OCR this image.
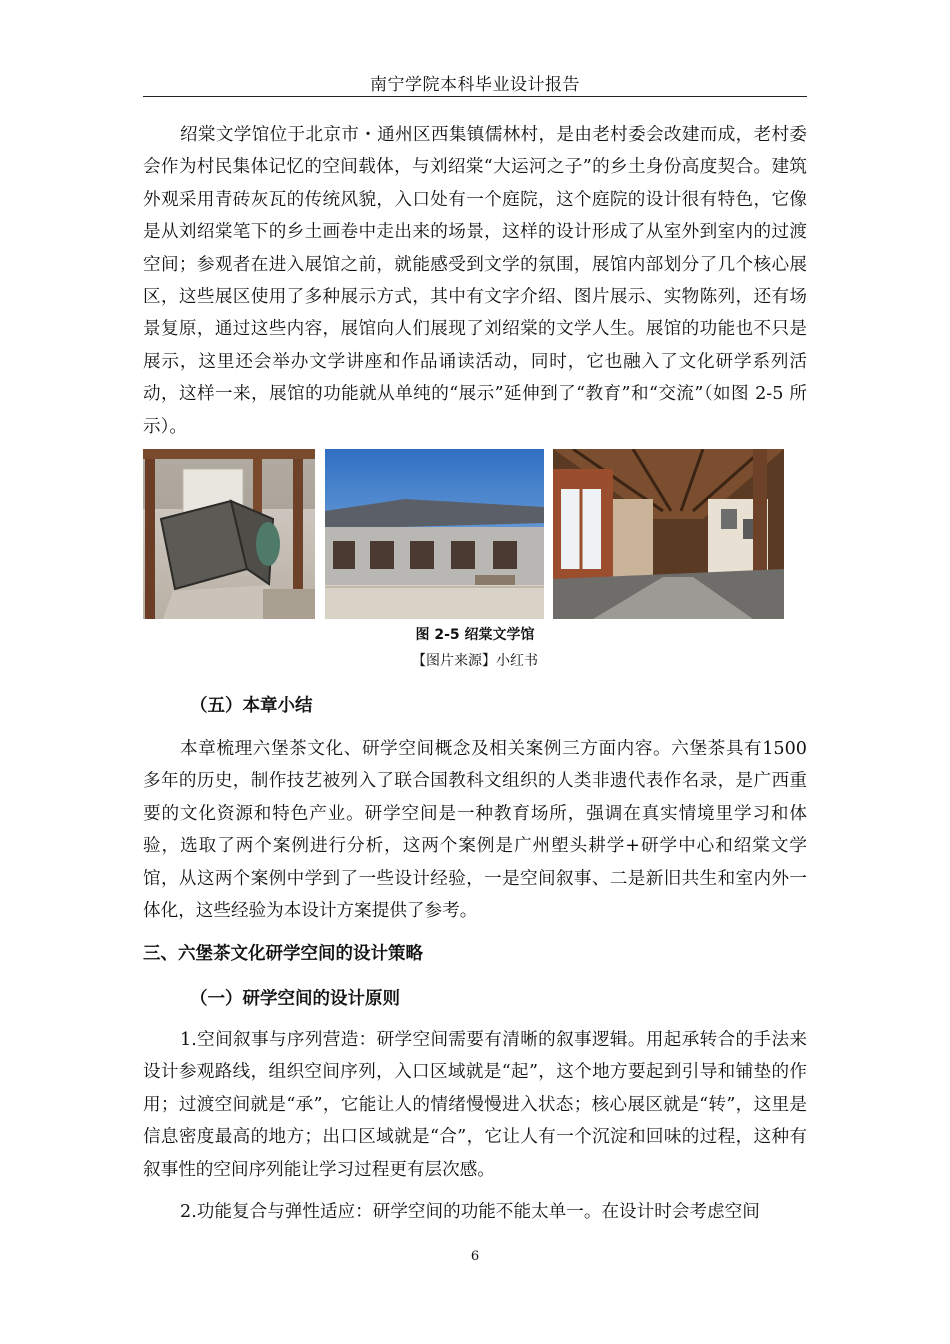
南宁学院本科毕业设计报告

绍棠文学馆位于北京市・通州区西集镇儒林村，是由老村委会改建而成，老村委会作为村民集体记忆的空间载体，与刘绍棠“大运河之子”的乡土身份高度契合。建筑外观采用青砖灰瓦的传统风貌，入口处有一个庭院，这个庭院的设计很有特色，它像是从刘绍棠笔下的乡土画卷中走出来的场景，这样的设计形成了从室外到室内的过渡空间；参观者在进入展馆之前，就能感受到文学的氛围，展馆内部划分了几个核心展区，这些展区使用了多种展示方式，其中有文字介绍、图片展示、实物陈列，还有场景复原，通过这些内容，展馆向人们展现了刘绍棠的文学人生。展馆的功能也不只是展示，这里还会举办文学讲座和作品诵读活动，同时，它也融入了文化研学系列活动，这样一来，展馆的功能就从单纯的“展示”延伸到了“教育”和“交流”（如图 2-5 所示）。

图 2-5 绍棠文学馆

【图片来源】小红书

（五）本章小结

本章梳理六堡茶文化、研学空间概念及相关案例三方面内容。六堡茶具有1500 多年的历史，制作技艺被列入了联合国教科文组织的人类非遗代表作名录，是广西重要的文化资源和特色产业。研学空间是一种教育场所，强调在真实情境里学习和体验，选取了两个案例进行分析，这两个案例是广州塱头耕学+研学中心和绍棠文学馆，从这两个案例中学到了一些设计经验，一是空间叙事、二是新旧共生和室内外一体化，这些经验为本设计方案提供了参考。

三、六堡茶文化研学空间的设计策略

（一）研学空间的设计原则

1.空间叙事与序列营造：研学空间需要有清晰的叙事逻辑。用起承转合的手法来设计参观路线，组织空间序列，入口区域就是“起”，这个地方要起到引导和铺垫的作用；过渡空间就是“承”，它能让人的情绪慢慢进入状态；核心展区就是“转”，这里是信息密度最高的地方；出口区域就是“合”，它让人有一个沉淀和回味的过程，这种有叙事性的空间序列能让学习过程更有层次感。

2.功能复合与弹性适应：研学空间的功能不能太单一。在设计时会考虑空间

6
